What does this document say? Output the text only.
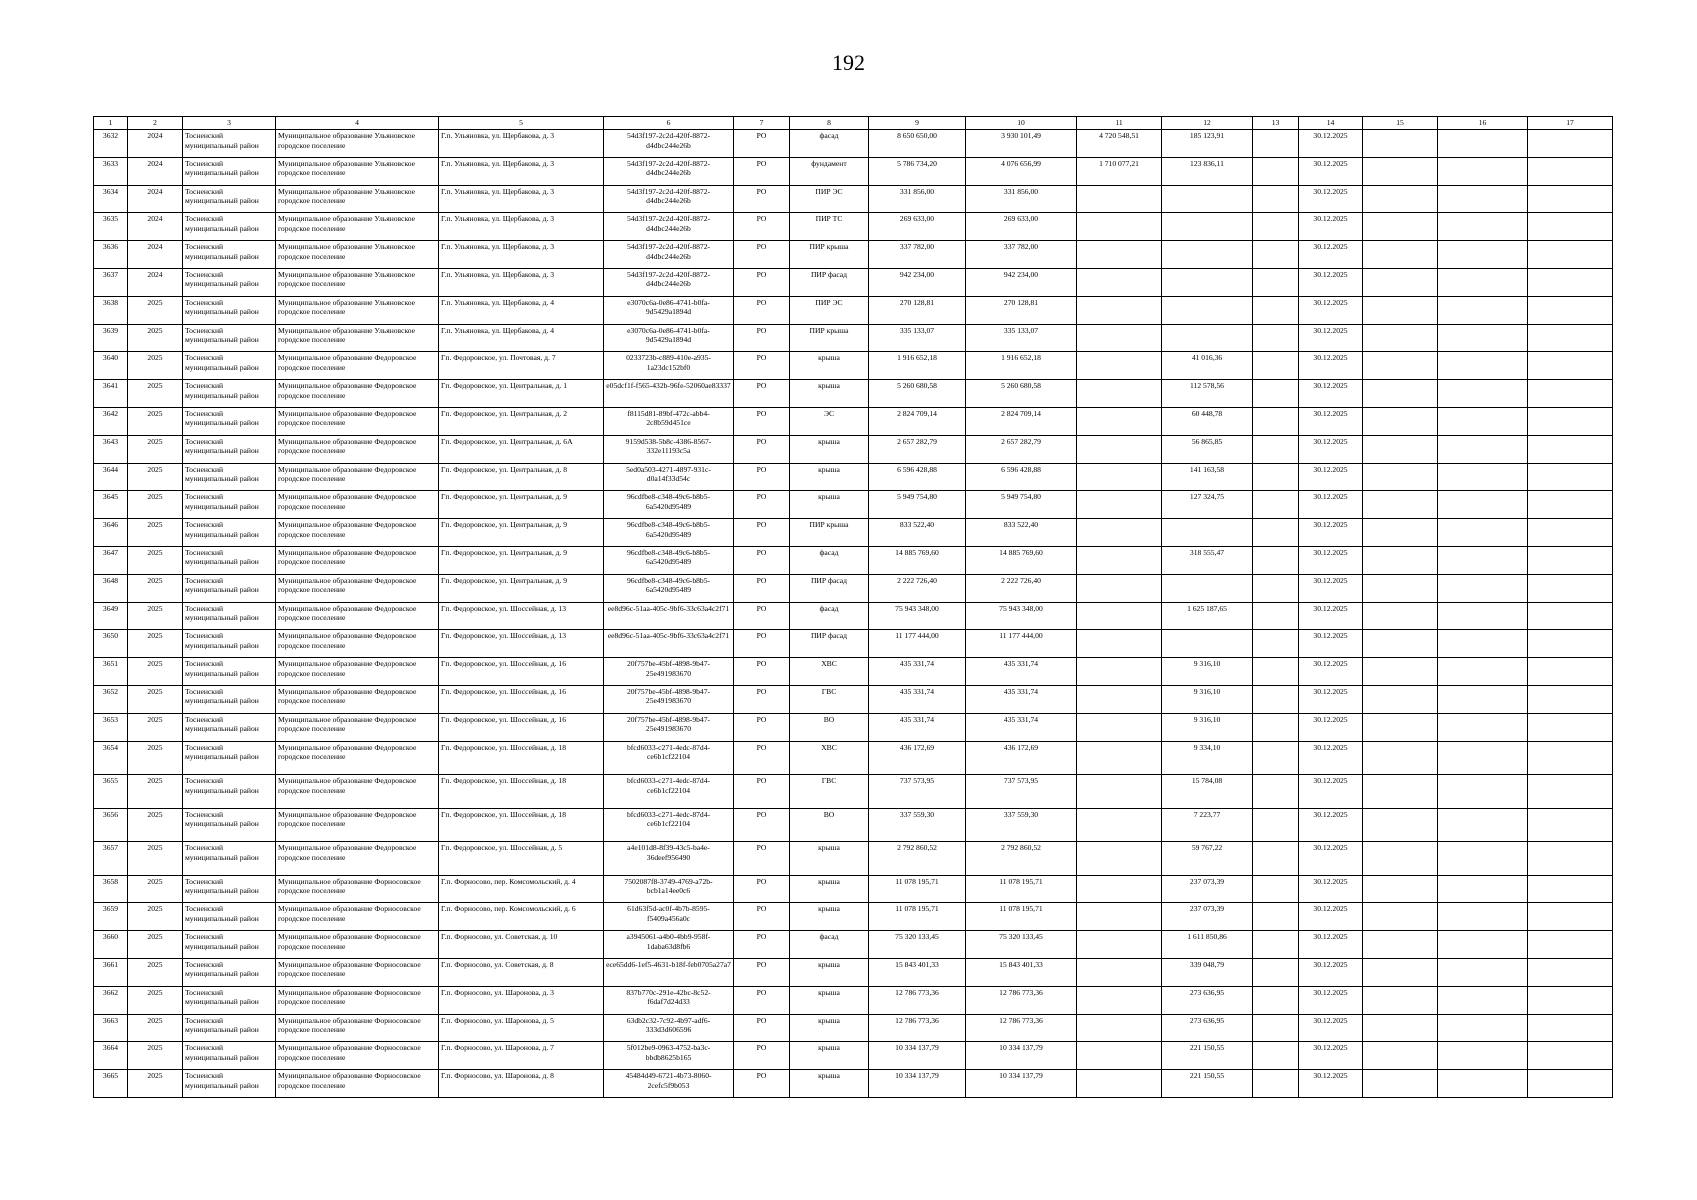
192
1	2	3	4	5	6	7	8	9	10	11	12	13	14	15	16	17
3632	2024	Тосненский муниципальный район	Муниципальное образование Ульяновское городское поселение	Г.п. Ульяновка, ул. Щербакова, д. 3	54d3f197-2c2d-420f-8872-d4dbc244e26b	РО	фасад	8 650 650,00	3 930 101,49	4 720 548,51	185 123,91		30.12.2025			
3633	2024	Тосненский муниципальный район	Муниципальное образование Ульяновское городское поселение	Г.п. Ульяновка, ул. Щербакова, д. 3	54d3f197-2c2d-420f-8872-d4dbc244e26b	РО	фундамент	5 786 734,20	4 076 656,99	1 710 077,21	123 836,11		30.12.2025			
3634	2024	Тосненский муниципальный район	Муниципальное образование Ульяновское городское поселение	Г.п. Ульяновка, ул. Щербакова, д. 3	54d3f197-2c2d-420f-8872-d4dbc244e26b	РО	ПИР ЭС	331 856,00	331 856,00				30.12.2025			
3635	2024	Тосненский муниципальный район	Муниципальное образование Ульяновское городское поселение	Г.п. Ульяновка, ул. Щербакова, д. 3	54d3f197-2c2d-420f-8872-d4dbc244e26b	РО	ПИР ТС	269 633,00	269 633,00				30.12.2025			
3636	2024	Тосненский муниципальный район	Муниципальное образование Ульяновское городское поселение	Г.п. Ульяновка, ул. Щербакова, д. 3	54d3f197-2c2d-420f-8872-d4dbc244e26b	РО	ПИР крыша	337 782,00	337 782,00				30.12.2025			
3637	2024	Тосненский муниципальный район	Муниципальное образование Ульяновское городское поселение	Г.п. Ульяновка, ул. Щербакова, д. 3	54d3f197-2c2d-420f-8872-d4dbc244e26b	РО	ПИР фасад	942 234,00	942 234,00				30.12.2025			
3638	2025	Тосненский муниципальный район	Муниципальное образование Ульяновское городское поселение	Г.п. Ульяновка, ул. Щербакова, д. 4	e3070c6a-0e86-4741-b0fa-9d5429a1894d	РО	ПИР ЭС	270 128,81	270 128,81				30.12.2025			
3639	2025	Тосненский муниципальный район	Муниципальное образование Ульяновское городское поселение	Г.п. Ульяновка, ул. Щербакова, д. 4	e3070c6a-0e86-4741-b0fa-9d5429a1894d	РО	ПИР крыша	335 133,07	335 133,07				30.12.2025			
3640	2025	Тосненский муниципальный район	Муниципальное образование Федоровское городское поселение	Гп. Федоровское, ул. Почтовая, д. 7	0233723b-c889-410e-a935-1a23dc152bf0	РО	крыша	1 916 652,18	1 916 652,18		41 016,36		30.12.2025			
3641	2025	Тосненский муниципальный район	Муниципальное образование Федоровское городское поселение	Гп. Федоровское, ул. Центральная, д. 1	e05dcf1f-f565-432b-96fe-52060ae83337	РО	крыша	5 260 680,58	5 260 680,58		112 578,56		30.12.2025			
3642	2025	Тосненский муниципальный район	Муниципальное образование Федоровское городское поселение	Гп. Федоровское, ул. Центральная, д. 2	f8115d81-89bf-472c-abb4-2c8b59d451ce	РО	ЭС	2 824 709,14	2 824 709,14		60 448,78		30.12.2025			
3643	2025	Тосненский муниципальный район	Муниципальное образование Федоровское городское поселение	Гп. Федоровское, ул. Центральная, д. 6А	9159d538-5b8c-4386-8567-332e11193c5a	РО	крыша	2 657 282,79	2 657 282,79		56 865,85		30.12.2025			
3644	2025	Тосненский муниципальный район	Муниципальное образование Федоровское городское поселение	Гп. Федоровское, ул. Центральная, д. 8	5ed0a503-4271-4897-931c-d0a14f33d54c	РО	крыша	6 596 428,88	6 596 428,88		141 163,58		30.12.2025			
3645	2025	Тосненский муниципальный район	Муниципальное образование Федоровское городское поселение	Гп. Федоровское, ул. Центральная, д. 9	96cdfbe8-c348-49c6-b8b5-6a5420d95489	РО	крыша	5 949 754,80	5 949 754,80		127 324,75		30.12.2025			
3646	2025	Тосненский муниципальный район	Муниципальное образование Федоровское городское поселение	Гп. Федоровское, ул. Центральная, д. 9	96cdfbe8-c348-49c6-b8b5-6a5420d95489	РО	ПИР крыша	833 522,40	833 522,40				30.12.2025			
3647	2025	Тосненский муниципальный район	Муниципальное образование Федоровское городское поселение	Гп. Федоровское, ул. Центральная, д. 9	96cdfbe8-c348-49c6-b8b5-6a5420d95489	РО	фасад	14 885 769,60	14 885 769,60		318 555,47		30.12.2025			
3648	2025	Тосненский муниципальный район	Муниципальное образование Федоровское городское поселение	Гп. Федоровское, ул. Центральная, д. 9	96cdfbe8-c348-49c6-b8b5-6a5420d95489	РО	ПИР фасад	2 222 726,40	2 222 726,40				30.12.2025			
3649	2025	Тосненский муниципальный район	Муниципальное образование Федоровское городское поселение	Гп. Федоровское, ул. Шоссейная, д. 13	ee8d96c-51aa-405c-9bf6-33c63a4c2f71	РО	фасад	75 943 348,00	75 943 348,00		1 625 187,65		30.12.2025			
3650	2025	Тосненский муниципальный район	Муниципальное образование Федоровское городское поселение	Гп. Федоровское, ул. Шоссейная, д. 13	ee8d96c-51aa-405c-9bf6-33c63a4c2f71	РО	ПИР фасад	11 177 444,00	11 177 444,00				30.12.2025			
3651	2025	Тосненский муниципальный район	Муниципальное образование Федоровское городское поселение	Гп. Федоровское, ул. Шоссейная, д. 16	20f757be-45bf-4898-9b47-25e491983670	РО	ХВС	435 331,74	435 331,74		9 316,10		30.12.2025			
3652	2025	Тосненский муниципальный район	Муниципальное образование Федоровское городское поселение	Гп. Федоровское, ул. Шоссейная, д. 16	20f757be-45bf-4898-9b47-25e491983670	РО	ГВС	435 331,74	435 331,74		9 316,10		30.12.2025			
3653	2025	Тосненский муниципальный район	Муниципальное образование Федоровское городское поселение	Гп. Федоровское, ул. Шоссейная, д. 16	20f757be-45bf-4898-9b47-25e491983670	РО	ВО	435 331,74	435 331,74		9 316,10		30.12.2025			
3654	2025	Тосненский муниципальный район	Муниципальное образование Федоровское городское поселение	Гп. Федоровское, ул. Шоссейная, д. 18	bfcd6033-c271-4edc-87d4-ce6b1cf22104	РО	ХВС	436 172,69	436 172,69		9 334,10		30.12.2025			
3655	2025	Тосненский муниципальный район	Муниципальное образование Федоровское городское поселение	Гп. Федоровское, ул. Шоссейная, д. 18	bfcd6033-c271-4edc-87d4-ce6b1cf22104	РО	ГВС	737 573,95	737 573,95		15 784,08		30.12.2025			
3656	2025	Тосненский муниципальный район	Муниципальное образование Федоровское городское поселение	Гп. Федоровское, ул. Шоссейная, д. 18	bfcd6033-c271-4edc-87d4-ce6b1cf22104	РО	ВО	337 559,30	337 559,30		7 223,77		30.12.2025			
3657	2025	Тосненский муниципальный район	Муниципальное образование Федоровское городское поселение	Гп. Федоровское, ул. Шоссейная, д. 5	a4e101d8-8f39-43c5-ba4e-36deef956490	РО	крыша	2 792 860,52	2 792 860,52		59 767,22		30.12.2025			
3658	2025	Тосненский муниципальный район	Муниципальное образование Форносовское городское поселение	Г.п. Форносово, пер. Комсомольский, д. 4	7502087f8-3749-4769-a72b-bcb1a14ee0c6	РО	крыша	11 078 195,71	11 078 195,71		237 073,39		30.12.2025			
3659	2025	Тосненский муниципальный район	Муниципальное образование Форносовское городское поселение	Г.п. Форносово, пер. Комсомольский, д. 6	61d63f5d-ac0f-4b7b-8595-f5409a456a0c	РО	крыша	11 078 195,71	11 078 195,71		237 073,39		30.12.2025			
3660	2025	Тосненский муниципальный район	Муниципальное образование Форносовское городское поселение	Г.п. Форносово, ул. Советская, д. 10	a3945061-a4b0-4bb9-958f-1daba63d8fb6	РО	фасад	75 320 133,45	75 320 133,45		1 611 850,86		30.12.2025			
3661	2025	Тосненский муниципальный район	Муниципальное образование Форносовское городское поселение	Г.п. Форносово, ул. Советская, д. 8	ece65dd6-1ef5-4631-b18f-feb0705a27a7	РО	крыша	15 843 401,33	15 843 401,33		339 048,79		30.12.2025			
3662	2025	Тосненский муниципальный район	Муниципальное образование Форносовское городское поселение	Г.п. Форносово, ул. Шароновa, д. 3	837b770c-291e-42bc-8c52-f6daf7d24d33	РО	крыша	12 786 773,36	12 786 773,36		273 636,95		30.12.2025			
3663	2025	Тосненский муниципальный район	Муниципальное образование Форносовское городское поселение	Г.п. Форносово, ул. Шароновa, д. 5	63db2c32-7c92-4b97-adf6-333d3d606596	РО	крыша	12 786 773,36	12 786 773,36		273 636,95		30.12.2025			
3664	2025	Тосненский муниципальный район	Муниципальное образование Форносовское городское поселение	Г.п. Форносово, ул. Шароновa, д. 7	5f012be9-0963-4752-ba3c-bbdb8625b165	РО	крыша	10 334 137,79	10 334 137,79		221 150,55		30.12.2025			
3665	2025	Тосненский муниципальный район	Муниципальное образование Форносовское городское поселение	Г.п. Форносово, ул. Шароновa, д. 8	45484d49-6721-4b73-8060-2cefc5f9b053	РО	крыша	10 334 137,79	10 334 137,79		221 150,55		30.12.2025			
